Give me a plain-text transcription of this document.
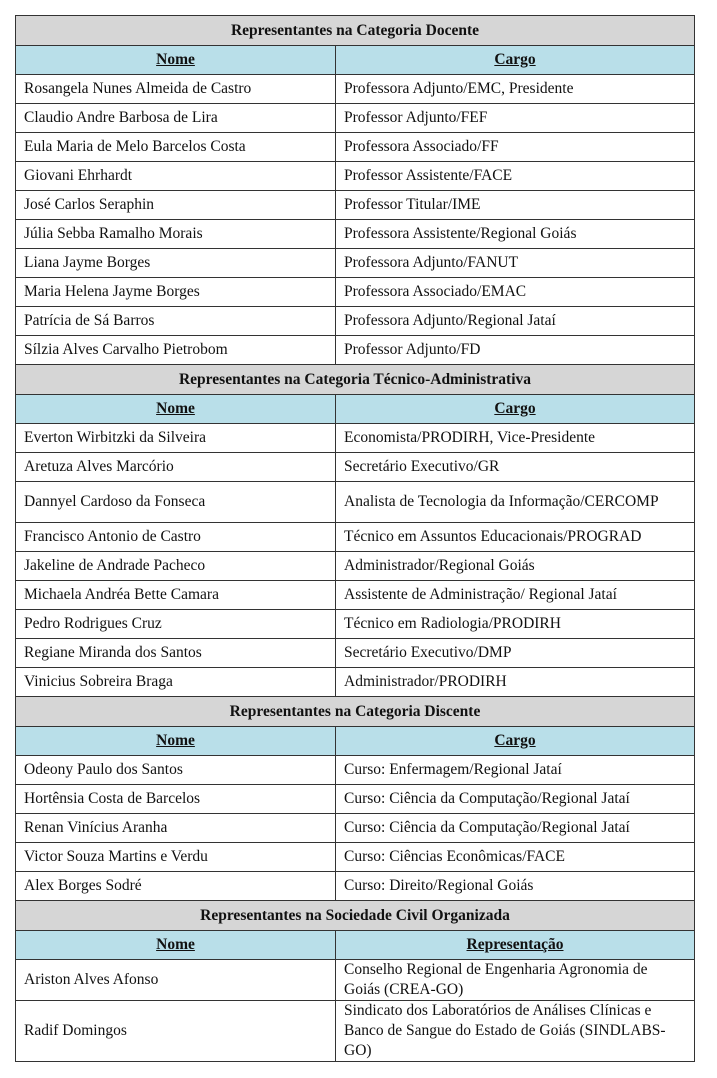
Representantes na Categoria Docente	
Nome	Cargo
Rosangela Nunes Almeida de Castro	Professora Adjunto/EMC, Presidente
Claudio Andre Barbosa de Lira	Professor Adjunto/FEF
Eula Maria de Melo Barcelos Costa	Professora Associado/FF
Giovani Ehrhardt	Professor Assistente/FACE
José Carlos Seraphin	Professor Titular/IME
Júlia Sebba Ramalho Morais	Professora Assistente/Regional Goiás
Liana Jayme Borges	Professora Adjunto/FANUT
Maria Helena Jayme Borges	Professora Associado/EMAC
Patrícia de Sá Barros	Professora Adjunto/Regional Jataí
Sílzia Alves Carvalho Pietrobom	Professor Adjunto/FD
Representantes na Categoria Técnico-Administrativa	
Nome	Cargo
Everton Wirbitzki da Silveira	Economista/PRODIRH, Vice-Presidente
Aretuza Alves Marcório	Secretário Executivo/GR
Dannyel Cardoso da Fonseca	Analista de Tecnologia da Informação/CERCOMP
Francisco Antonio de Castro	Técnico em Assuntos Educacionais/PROGRAD
Jakeline de Andrade Pacheco	Administrador/Regional Goiás
Michaela Andréa Bette Camara	Assistente de Administração/ Regional Jataí
Pedro Rodrigues Cruz	Técnico em Radiologia/PRODIRH
Regiane Miranda dos Santos	Secretário Executivo/DMP
Vinicius Sobreira Braga	Administrador/PRODIRH
Representantes na Categoria Discente	
Nome	Cargo
Odeony Paulo dos Santos	Curso: Enfermagem/Regional Jataí
Hortênsia Costa de Barcelos	Curso: Ciência da Computação/Regional Jataí
Renan Vinícius Aranha	Curso: Ciência da Computação/Regional Jataí
Victor Souza Martins e Verdu	Curso: Ciências Econômicas/FACE
Alex Borges Sodré	Curso: Direito/Regional Goiás
Representantes na Sociedade Civil Organizada	
Nome	Representação
Ariston Alves Afonso	Conselho Regional de Engenharia Agronomia de Goiás (CREA-GO)
Radif Domingos	Sindicato dos Laboratórios de Análises Clínicas e Banco de Sangue do Estado de Goiás (SINDLABS-GO)
